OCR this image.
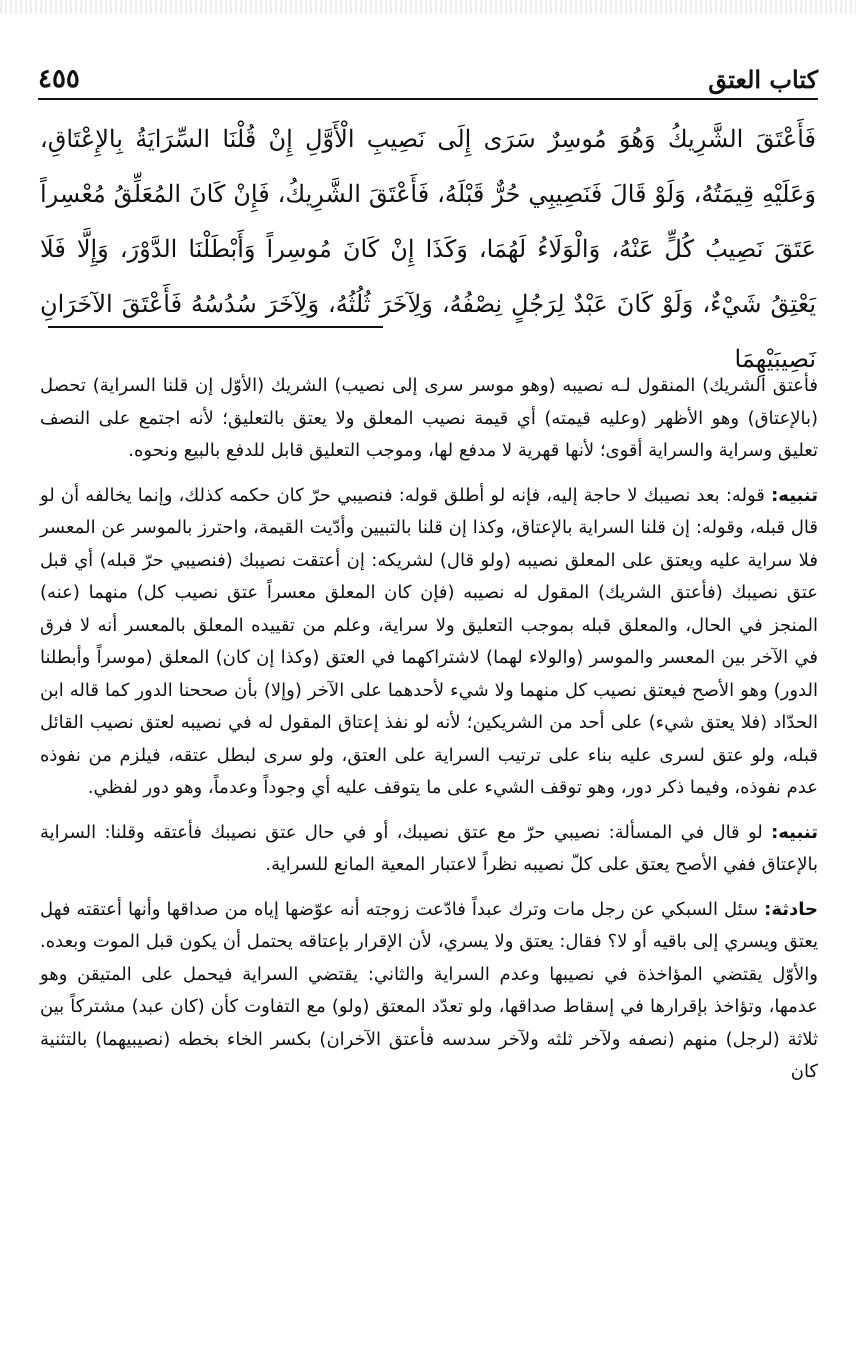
كتاب العتق
٤٥٥

فَأَعْتَقَ الشَّرِيكُ وَهُوَ مُوسِرٌ سَرَى إِلَى نَصِيبِ الْأَوَّلِ إِنْ قُلْنَا السِّرَايَةُ بِالإِعْتَاقِ، وَعَلَيْهِ قِيمَتُهُ، وَلَوْ قَالَ فَنَصِيبِي حُرٌّ قَبْلَهُ، فَأَعْتَقَ الشَّرِيكُ، فَإِنْ كَانَ المُعَلِّقُ مُعْسِراً عَتَقَ نَصِيبُ كُلٍّ عَنْهُ، وَالْوَلَاءُ لَهُمَا، وَكَذَا إِنْ كَانَ مُوسِراً وَأَبْطَلْنَا الدَّوْرَ، وَإِلَّا فَلَا يَعْتِقُ شَيْءٌ، وَلَوْ كَانَ عَبْدٌ لِرَجُلٍ نِصْفُهُ، وَلِآخَرَ ثُلُثُهُ، وَلِآخَرَ سُدُسُهُ فَأَعْتَقَ الآخَرَانِ نَصِيبَيْهِمَا

فأعتق الشريك) المنقول لـه نصيبه (وهو موسر سرى إلى نصيب) الشريك (الأوّل إن قلنا السراية) تحصل (بالإعتاق) وهو الأظهر (وعليه قيمته) أي قيمة نصيب المعلق ولا يعتق بالتعليق؛ لأنه اجتمع على النصف تعليق وسراية والسراية أقوى؛ لأنها قهرية لا مدفع لها، وموجب التعليق قابل للدفع بالبيع ونحوه.

تنبيه: قوله: بعد نصيبك لا حاجة إليه، فإنه لو أطلق قوله: فنصيبي حرّ كان حكمه كذلك، وإنما يخالفه أن لو قال قبله، وقوله: إن قلنا السراية بالإعتاق، وكذا إن قلنا بالتبيين وأدّيت القيمة، واحترز بالموسر عن المعسر فلا سراية عليه ويعتق على المعلق نصيبه (ولو قال) لشريكه: إن أعتقت نصيبك (فنصيبي حرّ قبله) أي قبل عتق نصيبك (فأعتق الشريك) المقول له نصيبه (فإن كان المعلق معسراً عتق نصيب كل) منهما (عنه) المنجز في الحال، والمعلق قبله بموجب التعليق ولا سراية، وعلم من تقييده المعلق بالمعسر أنه لا فرق في الآخر بين المعسر والموسر (والولاء لهما) لاشتراكهما في العتق (وكذا إن كان) المعلق (موسراً وأبطلنا الدور) وهو الأصح فيعتق نصيب كل منهما ولا شيء لأحدهما على الآخر (وإلا) بأن صححنا الدور كما قاله ابن الحدّاد (فلا يعتق شيء) على أحد من الشريكين؛ لأنه لو نفذ إعتاق المقول له في نصيبه لعتق نصيب القائل قبله، ولو عتق لسرى عليه بناء على ترتيب السراية على العتق، ولو سرى لبطل عتقه، فيلزم من نفوذه عدم نفوذه، وفيما ذكر دور، وهو توقف الشيء على ما يتوقف عليه أي وجوداً وعدماً، وهو دور لفظي.

تنبيه: لو قال في المسألة: نصيبي حرّ مع عتق نصيبك، أو في حال عتق نصيبك فأعتقه وقلنا: السراية بالإعتاق ففي الأصح يعتق على كلّ نصيبه نظراً لاعتبار المعية المانع للسراية.

حادثة: سئل السبكي عن رجل مات وترك عبداً فادّعت زوجته أنه عوّضها إياه من صداقها وأنها أعتقته فهل يعتق ويسري إلى باقيه أو لا؟ فقال: يعتق ولا يسري، لأن الإقرار بإعتاقه يحتمل أن يكون قبل الموت وبعده. والأوّل يقتضي المؤاخذة في نصيبها وعدم السراية والثاني: يقتضي السراية فيحمل على المتيقن وهو عدمها، وتؤاخذ بإقرارها في إسقاط صداقها، ولو تعدّد المعتق (ولو) مع التفاوت كأن (كان عبد) مشتركاً بين ثلاثة (لرجل) منهم (نصفه ولآخر ثلثه ولآخر سدسه فأعتق الآخران) بكسر الخاء بخطه (نصيبيهما) بالتثنية كان
